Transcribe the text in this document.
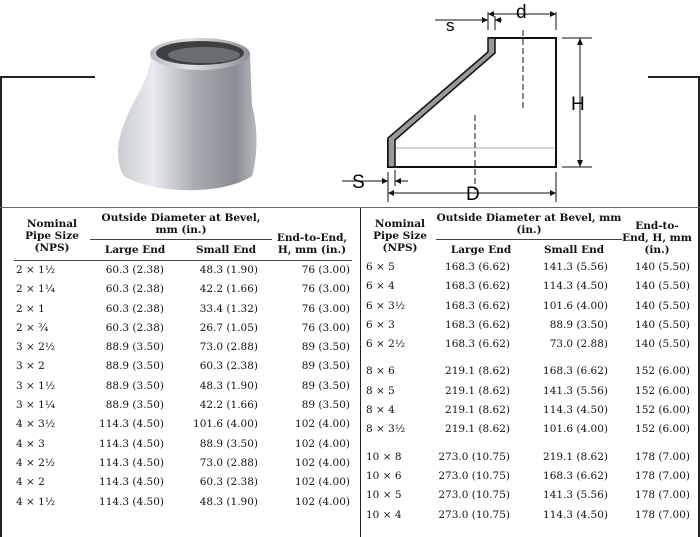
d
s
H
D
S
Nominal Pipe Size (NPS)	Outside Diameter at Bevel, mm (in.)		End-to-End, H, mm (in.)
	Large End	Small End	

2 × 1½	60.3 (2.38)	48.3 (1.90)	76 (3.00)
2 × 1¼	60.3 (2.38)	42.2 (1.66)	76 (3.00)
2 × 1	60.3 (2.38)	33.4 (1.32)	76 (3.00)
2 × ¾	60.3 (2.38)	26.7 (1.05)	76 (3.00)
3 × 2½	88.9 (3.50)	73.0 (2.88)	89 (3.50)
3 × 2	88.9 (3.50)	60.3 (2.38)	89 (3.50)
3 × 1½	88.9 (3.50)	48.3 (1.90)	89 (3.50)
3 × 1¼	88.9 (3.50)	42.2 (1.66)	89 (3.50)
4 × 3½	114.3 (4.50)	101.6 (4.00)	102 (4.00)
4 × 3	114.3 (4.50)	88.9 (3.50)	102 (4.00)
4 × 2½	114.3 (4.50)	73.0 (2.88)	102 (4.00)
4 × 2	114.3 (4.50)	60.3 (2.38)	102 (4.00)
4 × 1½	114.3 (4.50)	48.3 (1.90)	102 (4.00)
Nominal Pipe Size (NPS)	Outside Diameter at Bevel, mm (in.)		End-to-End, H, mm (in.)
	Large End	Small End	
6 × 5	168.3 (6.62)	141.3 (5.56)	140 (5.50)
6 × 4	168.3 (6.62)	114.3 (4.50)	140 (5.50)
6 × 3½	168.3 (6.62)	101.6 (4.00)	140 (5.50)
6 × 3	168.3 (6.62)	88.9 (3.50)	140 (5.50)
6 × 2½	168.3 (6.62)	73.0 (2.88)	140 (5.50)

8 × 6	219.1 (8.62)	168.3 (6.62)	152 (6.00)
8 × 5	219.1 (8.62)	141.3 (5.56)	152 (6.00)
8 × 4	219.1 (8.62)	114.3 (4.50)	152 (6.00)
8 × 3½	219.1 (8.62)	101.6 (4.00)	152 (6.00)

10 × 8	273.0 (10.75)	219.1 (8.62)	178 (7.00)
10 × 6	273.0 (10.75)	168.3 (6.62)	178 (7.00)
10 × 5	273.0 (10.75)	141.3 (5.56)	178 (7.00)
10 × 4	273.0 (10.75)	114.3 (4.50)	178 (7.00)
